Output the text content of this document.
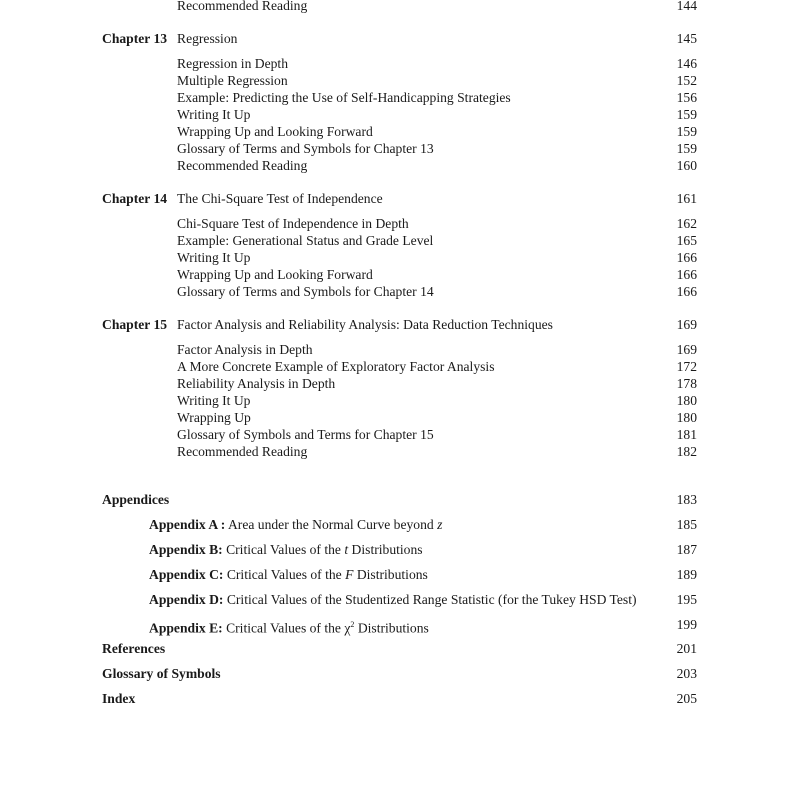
Recommended Reading	144
Chapter 13 Regression	145
Regression in Depth	146
Multiple Regression	152
Example: Predicting the Use of Self-Handicapping Strategies	156
Writing It Up	159
Wrapping Up and Looking Forward	159
Glossary of Terms and Symbols for Chapter 13	159
Recommended Reading	160
Chapter 14 The Chi-Square Test of Independence	161
Chi-Square Test of Independence in Depth	162
Example: Generational Status and Grade Level	165
Writing It Up	166
Wrapping Up and Looking Forward	166
Glossary of Terms and Symbols for Chapter 14	166
Chapter 15 Factor Analysis and Reliability Analysis: Data Reduction Techniques	169
Factor Analysis in Depth	169
A More Concrete Example of Exploratory Factor Analysis	172
Reliability Analysis in Depth	178
Writing It Up	180
Wrapping Up	180
Glossary of Symbols and Terms for Chapter 15	181
Recommended Reading	182
Appendices	183
Appendix A : Area under the Normal Curve beyond z	185
Appendix B: Critical Values of the t Distributions	187
Appendix C: Critical Values of the F Distributions	189
Appendix D: Critical Values of the Studentized Range Statistic (for the Tukey HSD Test)	195
Appendix E: Critical Values of the $\chi^2$ Distributions	199
References	201
Glossary of Symbols	203
Index	205
